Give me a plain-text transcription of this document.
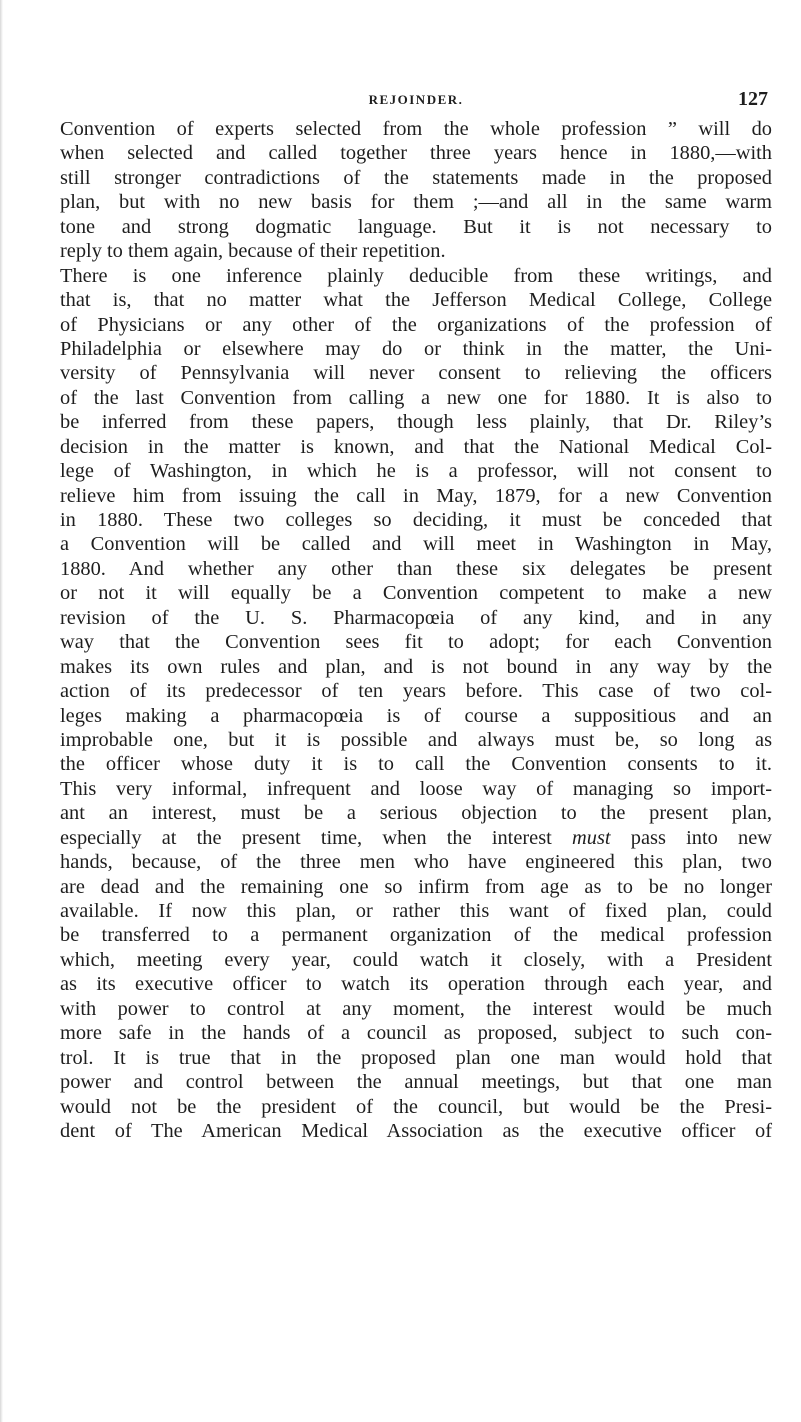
REJOINDER.	127
Convention of experts selected from the whole profession ” will do
when selected and called together three years hence in 1880,—with
still stronger contradictions of the statements made in the proposed
plan, but with no new basis for them ;—and all in the same warm
tone and strong dogmatic language. But it is not necessary to
reply to them again, because of their repetition.
There is one inference plainly deducible from these writings, and
that is, that no matter what the Jefferson Medical College, College
of Physicians or any other of the organizations of the profession of
Philadelphia or elsewhere may do or think in the matter, the Uni-
versity of Pennsylvania will never consent to relieving the officers
of the last Convention from calling a new one for 1880. It is also to
be inferred from these papers, though less plainly, that Dr. Riley’s
decision in the matter is known, and that the National Medical Col-
lege of Washington, in which he is a professor, will not consent to
relieve him from issuing the call in May, 1879, for a new Convention
in 1880. These two colleges so deciding, it must be conceded that
a Convention will be called and will meet in Washington in May,
1880. And whether any other than these six delegates be present
or not it will equally be a Convention competent to make a new
revision of the U. S. Pharmacopœia of any kind, and in any
way that the Convention sees fit to adopt; for each Convention
makes its own rules and plan, and is not bound in any way by the
action of its predecessor of ten years before. This case of two col-
leges making a pharmacopœia is of course a suppositious and an
improbable one, but it is possible and always must be, so long as
the officer whose duty it is to call the Convention consents to it.
This very informal, infrequent and loose way of managing so import-
ant an interest, must be a serious objection to the present plan,
especially at the present time, when the interest must pass into new
hands, because, of the three men who have engineered this plan, two
are dead and the remaining one so infirm from age as to be no longer
available. If now this plan, or rather this want of fixed plan, could
be transferred to a permanent organization of the medical profession
which, meeting every year, could watch it closely, with a President
as its executive officer to watch its operation through each year, and
with power to control at any moment, the interest would be much
more safe in the hands of a council as proposed, subject to such con-
trol. It is true that in the proposed plan one man would hold that
power and control between the annual meetings, but that one man
would not be the president of the council, but would be the Presi-
dent of The American Medical Association as the executive officer of
